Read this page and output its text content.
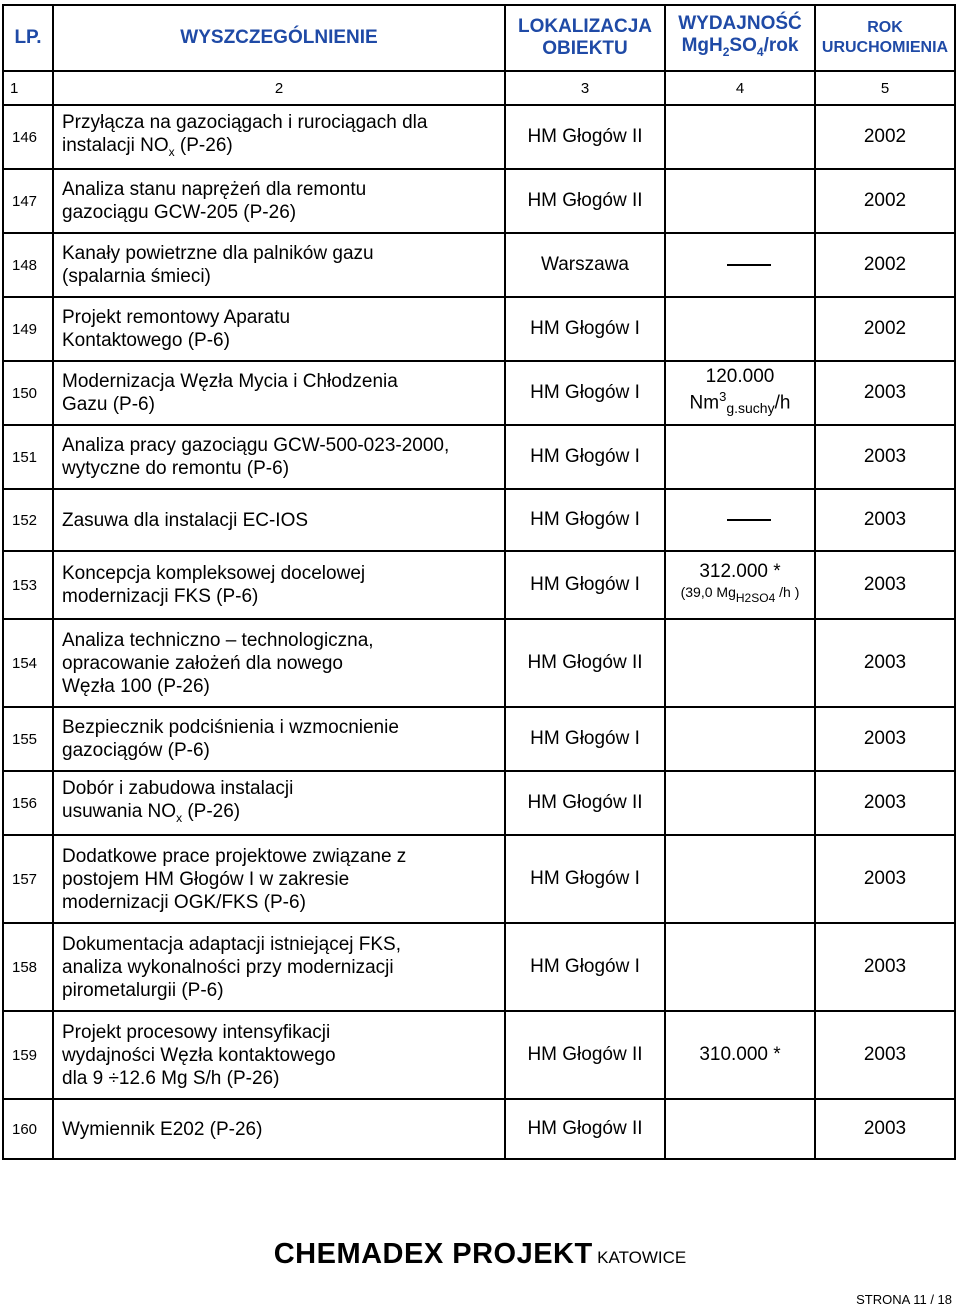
LP.	WYSZCZEGÓLNIENIE	LOKALIZACJA
OBIEKTU	WYDAJNOŚĆ
$MgH_2SO_4$/rok	ROK
URUCHOMIENIA
1	2	3	4	5
146	Przyłącza na gazociągach i rurociągach dla
instalacji $NO_x$ (P-26)	HM Głogów II		2002
147	Analiza stanu naprężeń dla remontu
gazociągu GCW-205 (P-26)	HM Głogów II		2002
148	Kanały powietrzne dla palników gazu
(spalarnia śmieci)	Warszawa		2002
149	Projekt remontowy Aparatu
Kontaktowego (P-6)	HM Głogów I		2002
150	Modernizacja Węzła Mycia i Chłodzenia
Gazu (P-6)	HM Głogów I	120.000
$Nm^3_{g.suchy}/h$	2003
151	Analiza pracy gazociągu GCW-500-023-2000,
wytyczne do remontu (P-6)	HM Głogów I		2003
152	Zasuwa dla instalacji EC-IOS	HM Głogów I		2003
153	Koncepcja kompleksowej docelowej
modernizacji FKS (P-6)	HM Głogów I	312.000 *
(39,0 $Mg_{H2SO4}$ /h )	2003
154	Analiza techniczno – technologiczna,
opracowanie założeń dla nowego
Węzła 100 (P-26)	HM Głogów II		2003
155	Bezpiecznik podciśnienia i wzmocnienie
gazociągów (P-6)	HM Głogów I		2003
156	Dobór i zabudowa instalacji
usuwania $NO_x$ (P-26)	HM Głogów II		2003
157	Dodatkowe prace projektowe związane z
postojem HM Głogów I w zakresie
modernizacji OGK/FKS (P-6)	HM Głogów I		2003
158	Dokumentacja adaptacji istniejącej FKS,
analiza wykonalności przy modernizacji
pirometalurgii (P-6)	HM Głogów I		2003
159	Projekt procesowy intensyfikacji
wydajności Węzła kontaktowego
dla 9 ÷12.6 Mg S/h (P-26)	HM Głogów II	310.000 *	2003
160	Wymiennik E202 (P-26)	HM Głogów II		2003
CHEMADEX PROJEKT KATOWICE
STRONA 11 / 18
